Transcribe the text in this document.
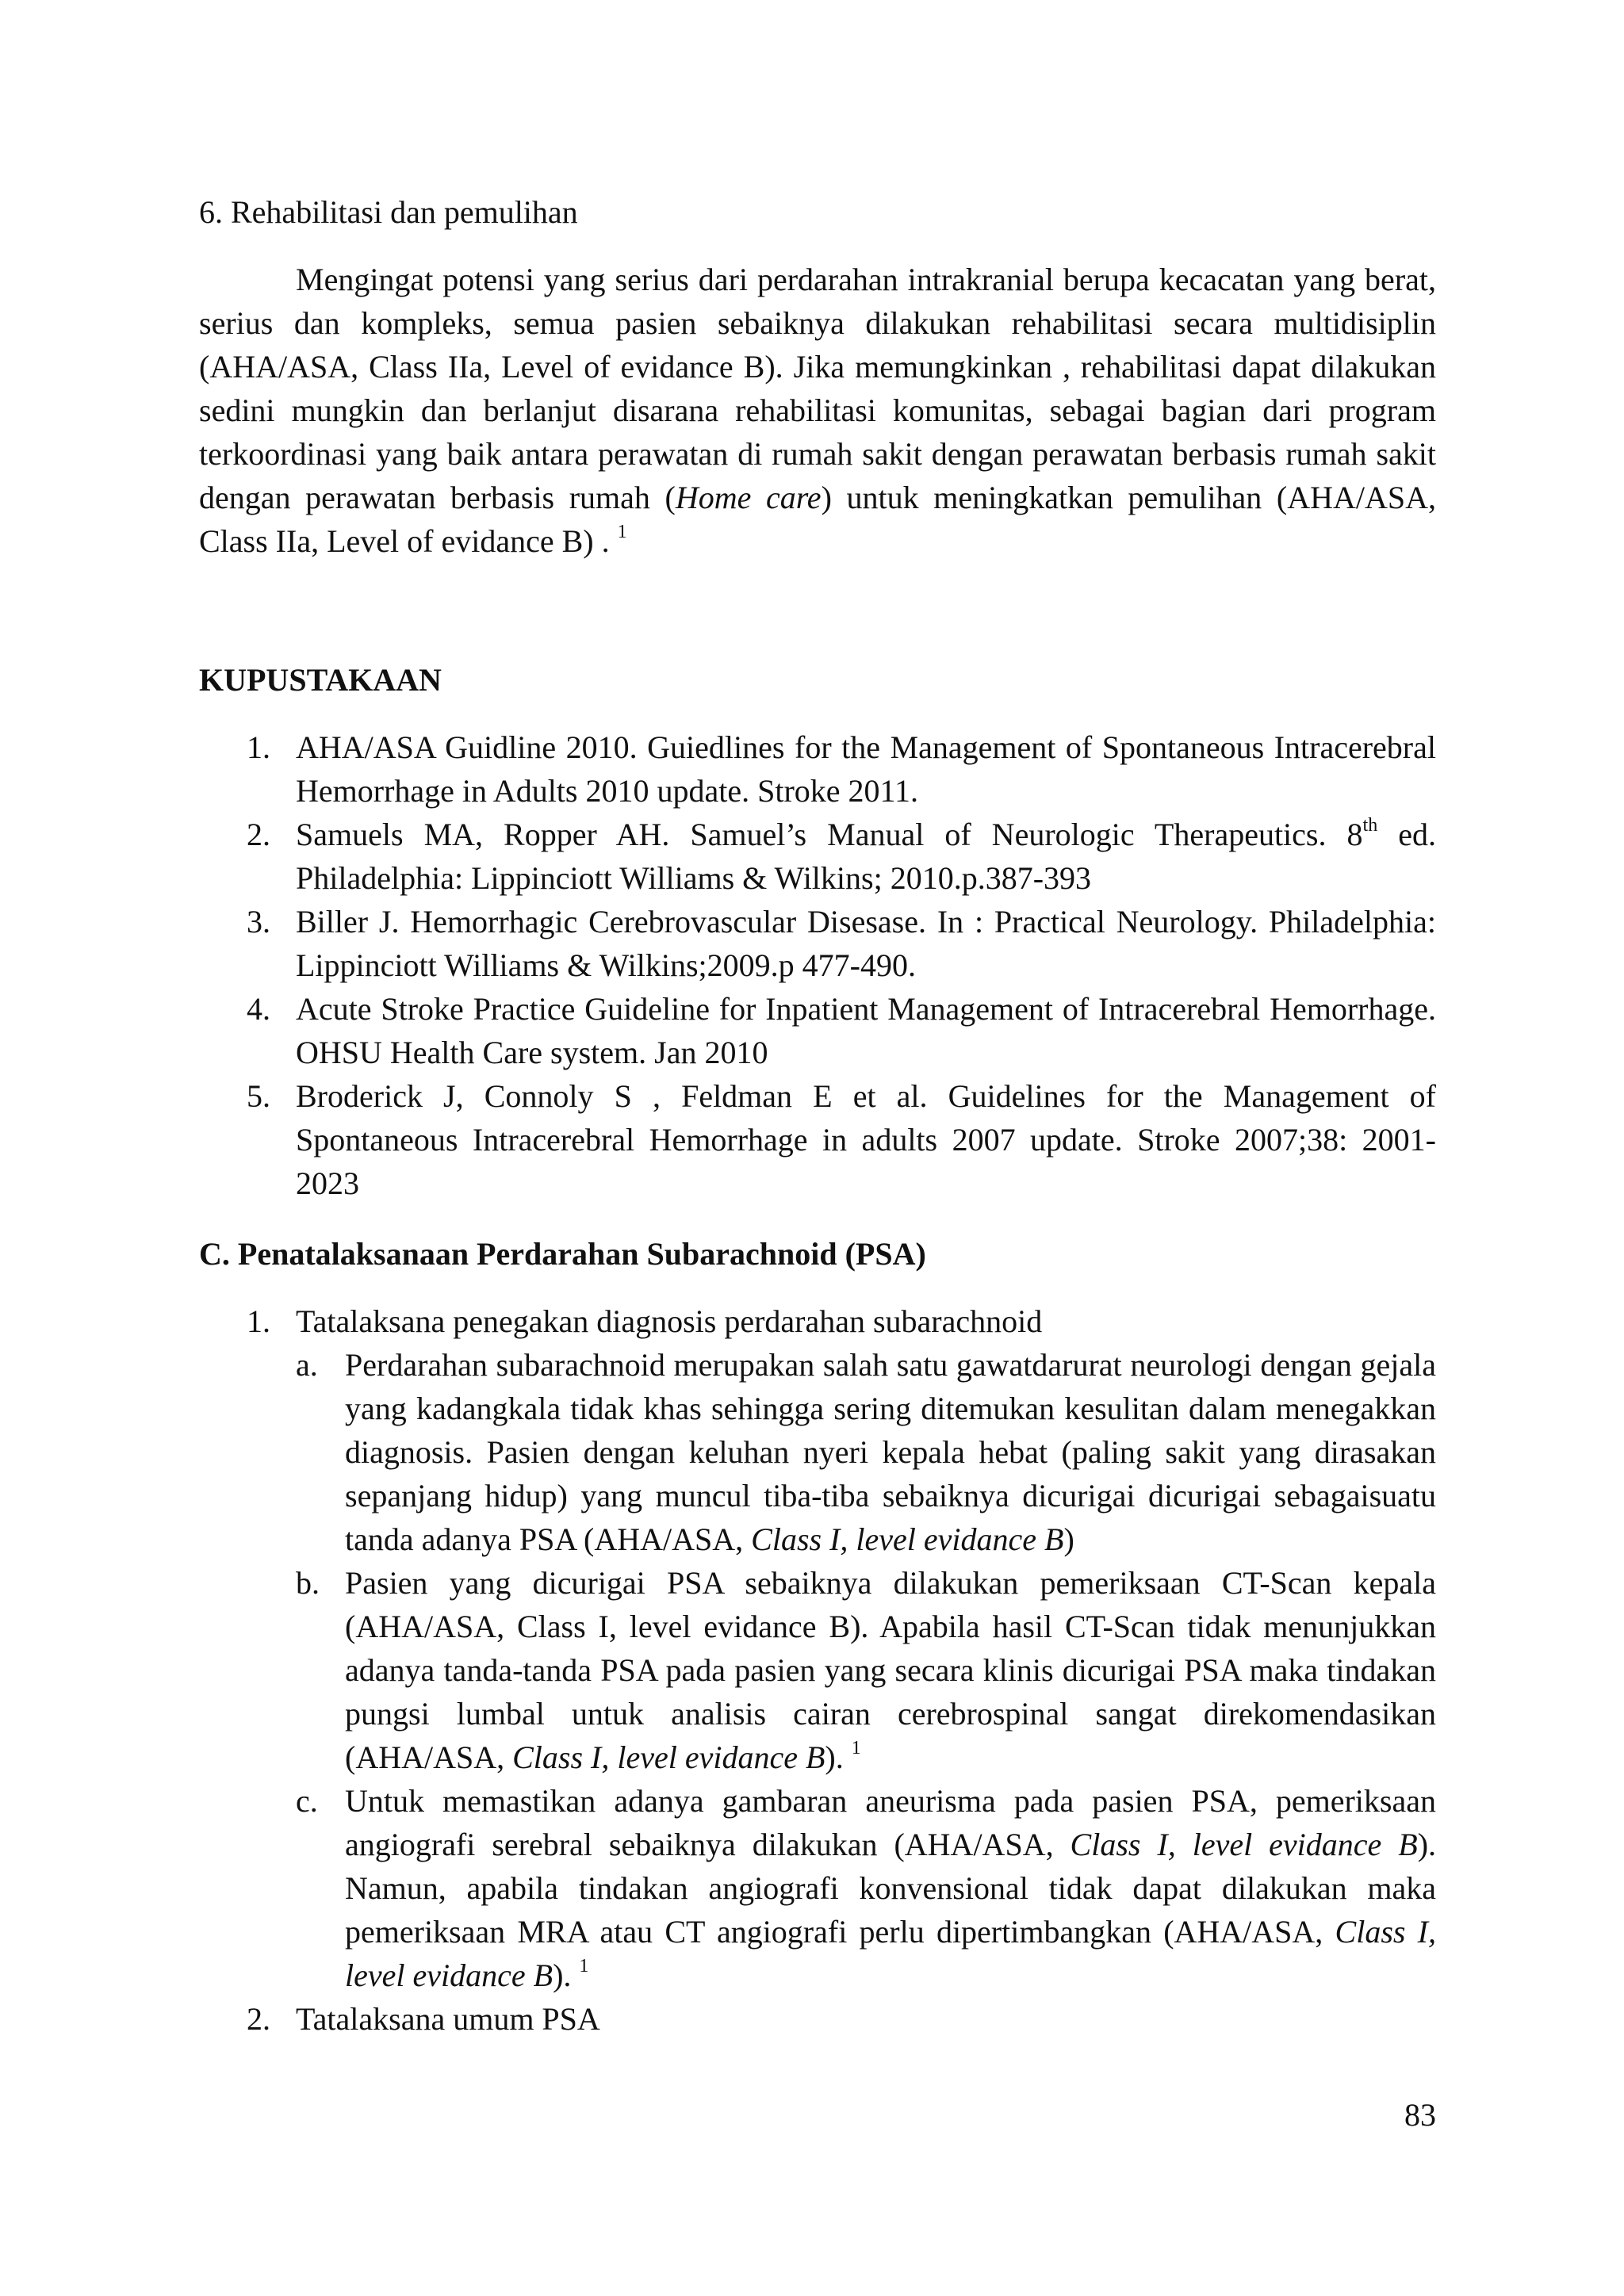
6. Rehabilitasi dan pemulihan

Mengingat potensi yang serius dari perdarahan intrakranial berupa kecacatan yang berat, serius dan kompleks, semua pasien sebaiknya dilakukan rehabilitasi secara multidisiplin (AHA/ASA, Class IIa, Level of evidance B). Jika memungkinkan , rehabilitasi dapat dilakukan sedini mungkin dan berlanjut disarana rehabilitasi komunitas, sebagai bagian dari program terkoordinasi yang baik antara perawatan di rumah sakit dengan perawatan berbasis rumah sakit dengan perawatan berbasis rumah (Home care) untuk meningkatkan pemulihan (AHA/ASA, Class IIa, Level of evidance B) . $^1$

KUPUSTAKAAN

1. AHA/ASA Guidline 2010. Guiedlines for the Management of Spontaneous Intracerebral Hemorrhage in Adults 2010 update. Stroke 2011.
2. Samuels MA, Ropper AH. Samuel’s Manual of Neurologic Therapeutics. 8th ed. Philadelphia: Lippinciott Williams & Wilkins; 2010.p.387-393
3. Biller J. Hemorrhagic Cerebrovascular Disesase. In : Practical Neurology. Philadelphia: Lippinciott Williams & Wilkins;2009.p 477-490.
4. Acute Stroke Practice Guideline for Inpatient Management of Intracerebral Hemorrhage. OHSU Health Care system. Jan 2010
5. Broderick J, Connoly S , Feldman E et al. Guidelines for the Management of Spontaneous Intracerebral Hemorrhage in adults 2007 update. Stroke 2007;38: 2001-2023

C. Penatalaksanaan Perdarahan Subarachnoid (PSA)

1. Tatalaksana penegakan diagnosis perdarahan subarachnoid
a. Perdarahan subarachnoid merupakan salah satu gawatdarurat neurologi dengan gejala yang kadangkala tidak khas sehingga sering ditemukan kesulitan dalam menegakkan diagnosis. Pasien dengan keluhan nyeri kepala hebat (paling sakit yang dirasakan sepanjang hidup) yang muncul tiba-tiba sebaiknya dicurigai dicurigai sebagaisuatu tanda adanya PSA (AHA/ASA, Class I, level evidance B)
b. Pasien yang dicurigai PSA sebaiknya dilakukan pemeriksaan CT-Scan kepala (AHA/ASA, Class I, level evidance B). Apabila hasil CT-Scan tidak menunjukkan adanya tanda-tanda PSA pada pasien yang secara klinis dicurigai PSA maka tindakan pungsi lumbal untuk analisis cairan cerebrospinal sangat direkomendasikan (AHA/ASA, Class I, level evidance B). $^1$
c. Untuk memastikan adanya gambaran aneurisma pada pasien PSA, pemeriksaan angiografi serebral sebaiknya dilakukan (AHA/ASA, Class I, level evidance B). Namun, apabila tindakan angiografi konvensional tidak dapat dilakukan maka pemeriksaan MRA atau CT angiografi perlu dipertimbangkan (AHA/ASA, Class I, level evidance B). $^1$
2. Tatalaksana umum PSA
83
